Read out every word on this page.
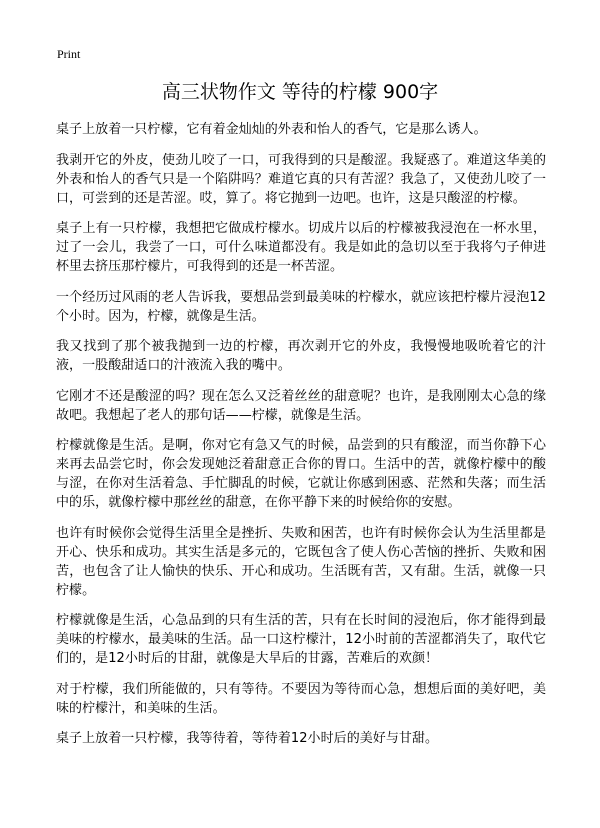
Print
高三状物作文 等待的柠檬 900字

桌子上放着一只柠檬，它有着金灿灿的外表和怡人的香气，它是那么诱人。

我剥开它的外皮，使劲儿咬了一口，可我得到的只是酸涩。我疑惑了。难道这华美的外表和怡人的香气只是一个陷阱吗？难道它真的只有苦涩？我急了，又使劲儿咬了一口，可尝到的还是苦涩。哎，算了。将它抛到一边吧。也许，这是只酸涩的柠檬。

桌子上有一只柠檬，我想把它做成柠檬水。切成片以后的柠檬被我浸泡在一杯水里，过了一会儿，我尝了一口，可什么味道都没有。我是如此的急切以至于我将勺子伸进杯里去挤压那柠檬片，可我得到的还是一杯苦涩。

一个经历过风雨的老人告诉我，要想品尝到最美味的柠檬水，就应该把柠檬片浸泡12个小时。因为，柠檬，就像是生活。

我又找到了那个被我抛到一边的柠檬，再次剥开它的外皮，我慢慢地吸吮着它的汁液，一股酸甜适口的汁液流入我的嘴中。

它刚才不还是酸涩的吗？现在怎么又泛着丝丝的甜意呢？也许，是我刚刚太心急的缘故吧。我想起了老人的那句话——柠檬，就像是生活。

柠檬就像是生活。是啊，你对它有急又气的时候，品尝到的只有酸涩，而当你静下心来再去品尝它时，你会发现她泛着甜意正合你的胃口。生活中的苦，就像柠檬中的酸与涩，在你对生活着急、手忙脚乱的时候，它就让你感到困惑、茫然和失落；而生活中的乐，就像柠檬中那丝丝的甜意，在你平静下来的时候给你的安慰。

也许有时候你会觉得生活里全是挫折、失败和困苦，也许有时候你会认为生活里都是开心、快乐和成功。其实生活是多元的，它既包含了使人伤心苦恼的挫折、失败和困苦，也包含了让人愉快的快乐、开心和成功。生活既有苦，又有甜。生活，就像一只柠檬。

柠檬就像是生活，心急品到的只有生活的苦，只有在长时间的浸泡后，你才能得到最美味的柠檬水，最美味的生活。品一口这柠檬汁，12小时前的苦涩都消失了，取代它们的，是12小时后的甘甜，就像是大旱后的甘露，苦难后的欢颜！

对于柠檬，我们所能做的，只有等待。不要因为等待而心急，想想后面的美好吧，美味的柠檬汁，和美味的生活。

桌子上放着一只柠檬，我等待着，等待着12小时后的美好与甘甜。
